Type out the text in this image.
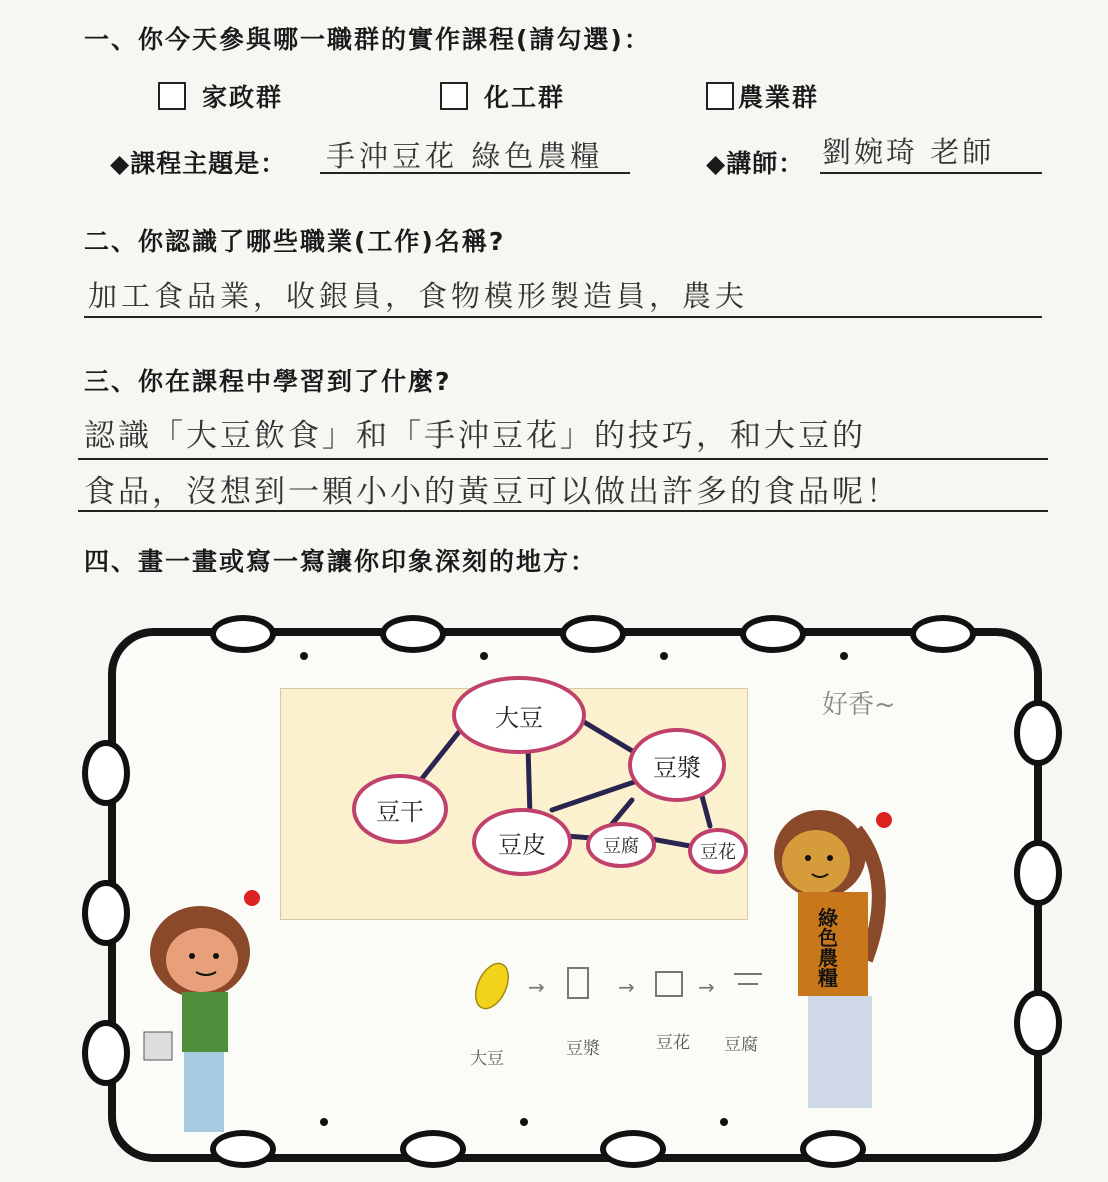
一、你今天參與哪一職群的實作課程(請勾選)：
家政群	化工群	農業群
◆課程主題是： 手沖豆花 綠色農糧	◆講師： 劉婉琦 老師
二、你認識了哪些職業(工作)名稱?
加工食品業，收銀員，食物模形製造員，農夫
三、你在課程中學習到了什麼?
認識「大豆飲食」和「手沖豆花」的技巧，和大豆的
食品，沒想到一顆小小的黃豆可以做出許多的食品呢！
四、畫一畫或寫一寫讓你印象深刻的地方：
大豆
豆漿
豆干
豆皮	豆腐	豆花
好香~
→	→	→
大豆	豆漿	豆花 豆腐
綠色農糧
